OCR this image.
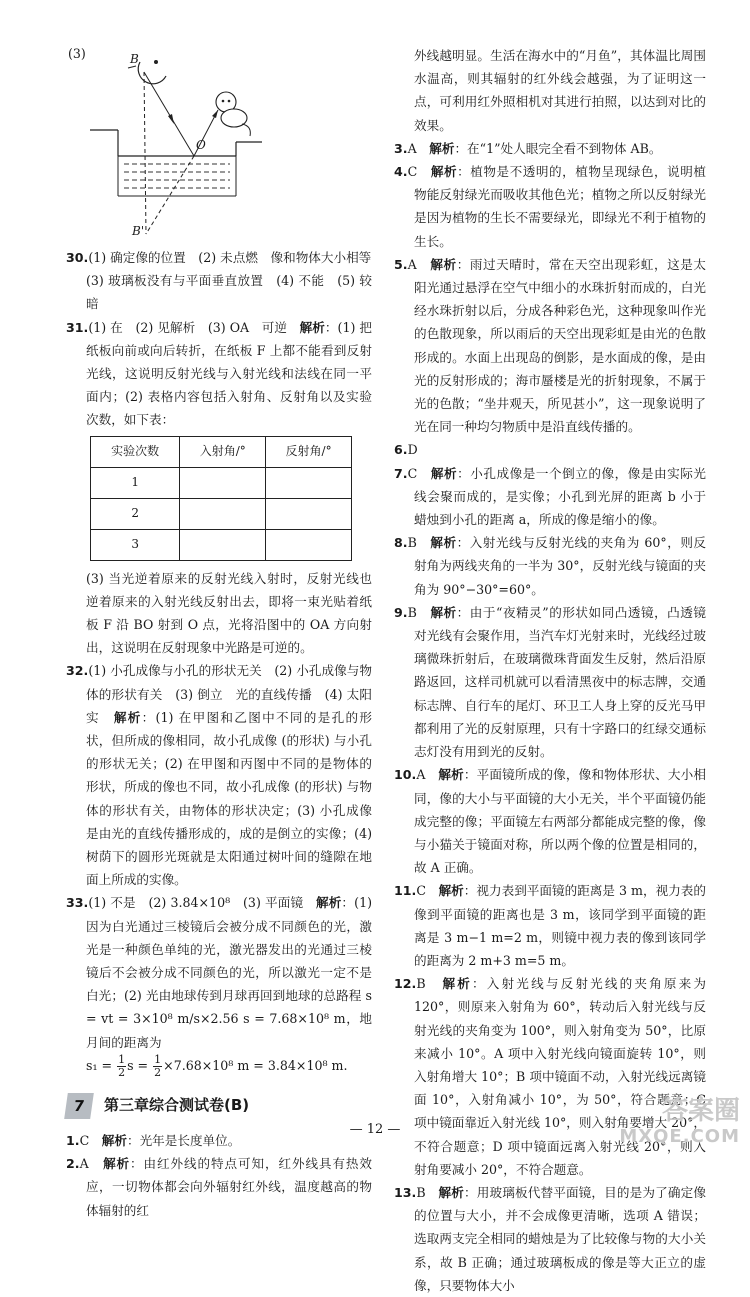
(3)	B
O
B'
30.(1) 确定像的位置　(2) 未点燃　像和物体大小相等
(3) 玻璃板没有与平面垂直放置　(4) 不能　(5) 较暗
31.(1) 在　(2) 见解析　(3) OA　可逆　解析：(1) 把纸板向前或向后转折，在纸板 F 上都不能看到反射光线，这说明反射光线与入射光线和法线在同一平面内；(2) 表格内容包括入射角、反射角以及实验次数，如下表：
实验次数	入射角/°	反射角/°
1		
2		
3		
(3) 当光逆着原来的反射光线入射时，反射光线也逆着原来的入射光线反射出去，即将一束光贴着纸板 F 沿 BO 射到 O 点，光将沿图中的 OA 方向射出，这说明在反射现象中光路是可逆的。
32.(1) 小孔成像与小孔的形状无关　(2) 小孔成像与物体的形状有关　(3) 倒立　光的直线传播　(4) 太阳实　解析：(1) 在甲图和乙图中不同的是孔的形状，但所成的像相同，故小孔成像 (的形状) 与小孔的形状无关；(2) 在甲图和丙图中不同的是物体的形状，所成的像也不同，故小孔成像 (的形状) 与物体的形状有关，由物体的形状决定；(3) 小孔成像是由光的直线传播形成的，成的是倒立的实像；(4) 树荫下的圆形光斑就是太阳通过树叶间的缝隙在地面上所成的实像。
33.(1) 不是　(2) 3.84×10⁸　(3) 平面镜　解析：(1) 因为白光通过三棱镜后会被分成不同颜色的光，激光是一种颜色单纯的光，激光器发出的光通过三棱镜后不会被分成不同颜色的光，所以激光一定不是白光；(2) 光由地球传到月球再回到地球的总路程 s = vt = 3×10⁸ m/s×2.56 s = 7.68×10⁸ m，地月间的距离为
$s_1 = \frac{1}{2}$ $s = \frac{1}{2} \times 7.68\times 10^8$ m = 3.84×10⁸ m.
7	第三章综合测试卷(B)
1.C　解析：光年是长度单位。
2.A　解析：由红外线的特点可知，红外线具有热效应，一切物体都会向外辐射红外线，温度越高的物体辐射的红
外线越明显。生活在海水中的“月鱼”，其体温比周围水温高，则其辐射的红外线会越强，为了证明这一点，可利用红外照相机对其进行拍照，以达到对比的效果。
3.A　解析：在“1”处人眼完全看不到物体 AB。
4.C　解析：植物是不透明的，植物呈现绿色，说明植物能反射绿光而吸收其他色光；植物之所以反射绿光是因为植物的生长不需要绿光，即绿光不利于植物的生长。
5.A　解析：雨过天晴时，常在天空出现彩虹，这是太阳光通过悬浮在空气中细小的水珠折射而成的，白光经水珠折射以后，分成各种彩色光，这种现象叫作光的色散现象，所以雨后的天空出现彩虹是由光的色散形成的。水面上出现岛的倒影，是水面成的像，是由光的反射形成的；海市蜃楼是光的折射现象，不属于光的色散；“坐井观天，所见甚小”，这一现象说明了光在同一种均匀物质中是沿直线传播的。
6.D
7.C　解析：小孔成像是一个倒立的像，像是由实际光线会聚而成的，是实像；小孔到光屏的距离 b 小于蜡烛到小孔的距离 a，所成的像是缩小的像。
8.B　解析：入射光线与反射光线的夹角为 60°，则反射角为两线夹角的一半为 30°，反射光线与镜面的夹角为 90°−30°=60°。
9.B　解析：由于“夜精灵”的形状如同凸透镜，凸透镜对光线有会聚作用，当汽车灯光射来时，光线经过玻璃微珠折射后，在玻璃微珠背面发生反射，然后沿原路返回，这样司机就可以看清黑夜中的标志牌，交通标志牌、自行车的尾灯、环卫工人身上穿的反光马甲都利用了光的反射原理，只有十字路口的红绿交通标志灯没有用到光的反射。
10.A　解析：平面镜所成的像，像和物体形状、大小相同，像的大小与平面镜的大小无关，半个平面镜仍能成完整的像；平面镜左右两部分都能成完整的像，像与小猫关于镜面对称，所以两个像的位置是相同的，故 A 正确。
11.C　解析：视力表到平面镜的距离是 3 m，视力表的像到平面镜的距离也是 3 m，该同学到平面镜的距离是 3 m−1 m=2 m，则镜中视力表的像到该同学的距离为 2 m+3 m=5 m。
12.B　解析：入射光线与反射光线的夹角原来为 120°，则原来入射角为 60°，转动后入射光线与反射光线的夹角变为 100°，则入射角变为 50°，比原来减小 10°。A 项中入射光线向镜面旋转 10°，则入射角增大 10°；B 项中镜面不动，入射光线远离镜面 10°，入射角减小 10°，为 50°，符合题意；C 项中镜面靠近入射光线 10°，则入射角要增大 20°，不符合题意；D 项中镜面远离入射光线 20°，则入射角要减小 20°，不符合题意。
13.B　解析：用玻璃板代替平面镜，目的是为了确定像的位置与大小，并不会成像更清晰，选项 A 错误；选取两支完全相同的蜡烛是为了比较像与物的大小关系，故 B 正确；通过玻璃板成的像是等大正立的虚像，只要物体大小
— 12 —
答案圈
MXQE.COM
